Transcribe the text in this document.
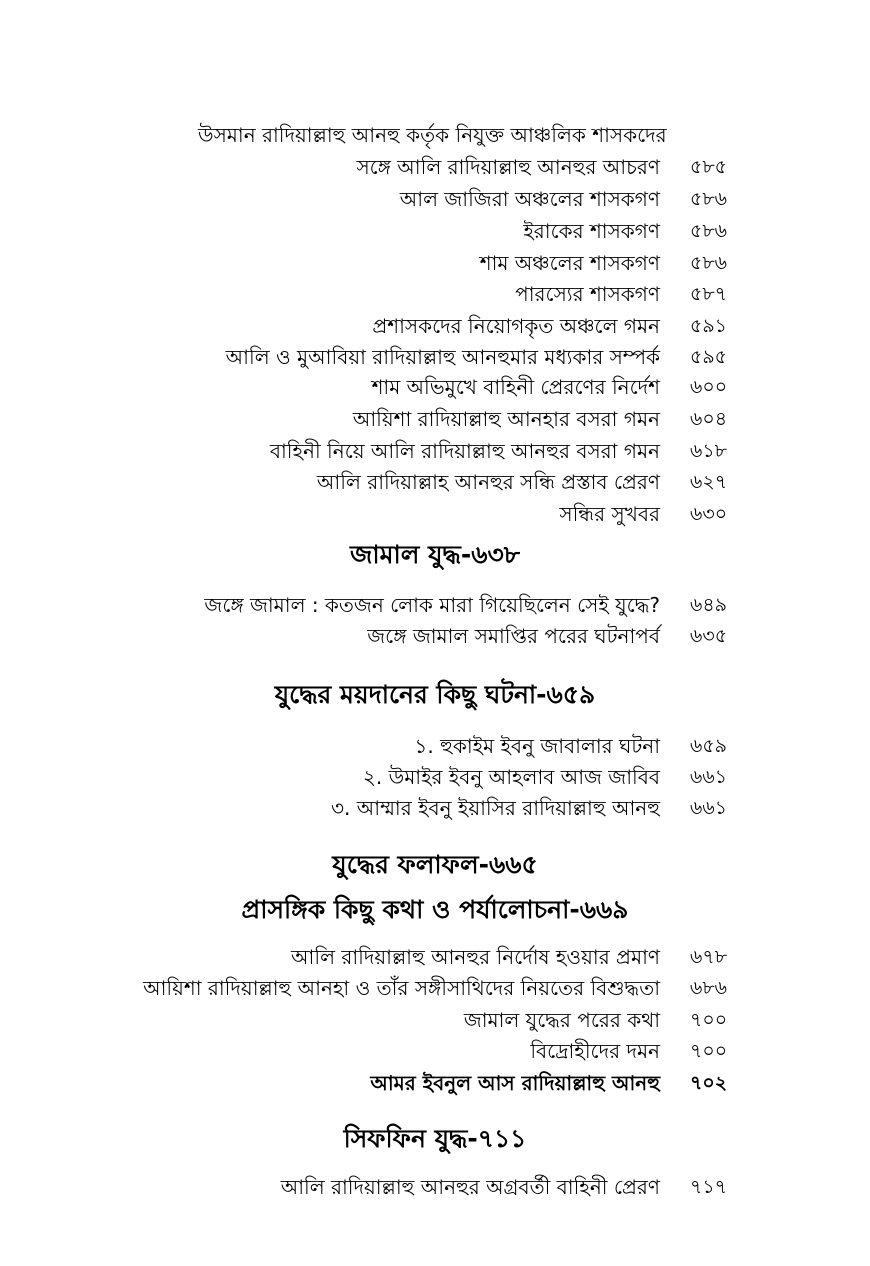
উসমান রাদিয়াল্লাহু আনহু কর্তৃক নিযুক্ত আঞ্চলিক শাসকদের
সঙ্গে আলি রাদিয়াল্লাহু আনহুর আচরণ ৫৮৫
আল জাজিরা অঞ্চলের শাসকগণ ৫৮৬
ইরাকের শাসকগণ ৫৮৬
শাম অঞ্চলের শাসকগণ ৫৮৬
পারস্যের শাসকগণ ৫৮৭
প্রশাসকদের নিয়োগকৃত অঞ্চলে গমন ৫৯১
আলি ও মুআবিয়া রাদিয়াল্লাহু আনহুমার মধ্যকার সম্পর্ক ৫৯৫
শাম অভিমুখে বাহিনী প্রেরণের নির্দেশ ৬০০
আয়িশা রাদিয়াল্লাহু আনহার বসরা গমন ৬০৪
বাহিনী নিয়ে আলি রাদিয়াল্লাহু আনহুর বসরা গমন ৬১৮
আলি রাদিয়াল্লাহ আনহুর সন্ধি প্রস্তাব প্রেরণ ৬২৭
সন্ধির সুখবর ৬৩০
জামাল যুদ্ধ-৬৩৮
জঙ্গে জামাল : কতজন লোক মারা গিয়েছিলেন সেই যুদ্ধে? ৬৪৯
জঙ্গে জামাল সমাপ্তির পরের ঘটনাপর্ব ৬৩৫
যুদ্ধের ময়দানের কিছু ঘটনা-৬৫৯
১. হুকাইম ইবনু জাবালার ঘটনা ৬৫৯
২. উমাইর ইবনু আহলাব আজ জাবিব ৬৬১
৩. আম্মার ইবনু ইয়াসির রাদিয়াল্লাহু আনহু ৬৬১
যুদ্ধের ফলাফল-৬৬৫
প্রাসঙ্গিক কিছু কথা ও পর্যালোচনা-৬৬৯
আলি রাদিয়াল্লাহু আনহুর নির্দোষ হওয়ার প্রমাণ ৬৭৮
আয়িশা রাদিয়াল্লাহু আনহা ও তাঁর সঙ্গীসাথিদের নিয়তের বিশুদ্ধতা ৬৮৬
জামাল যুদ্ধের পরের কথা ৭০০
বিদ্রোহীদের দমন ৭০০
আমর ইবনুল আস রাদিয়াল্লাহু আনহু ৭০২
সিফফিন যুদ্ধ-৭১১
আলি রাদিয়াল্লাহু আনহুর অগ্রবর্তী বাহিনী প্রেরণ ৭১৭
